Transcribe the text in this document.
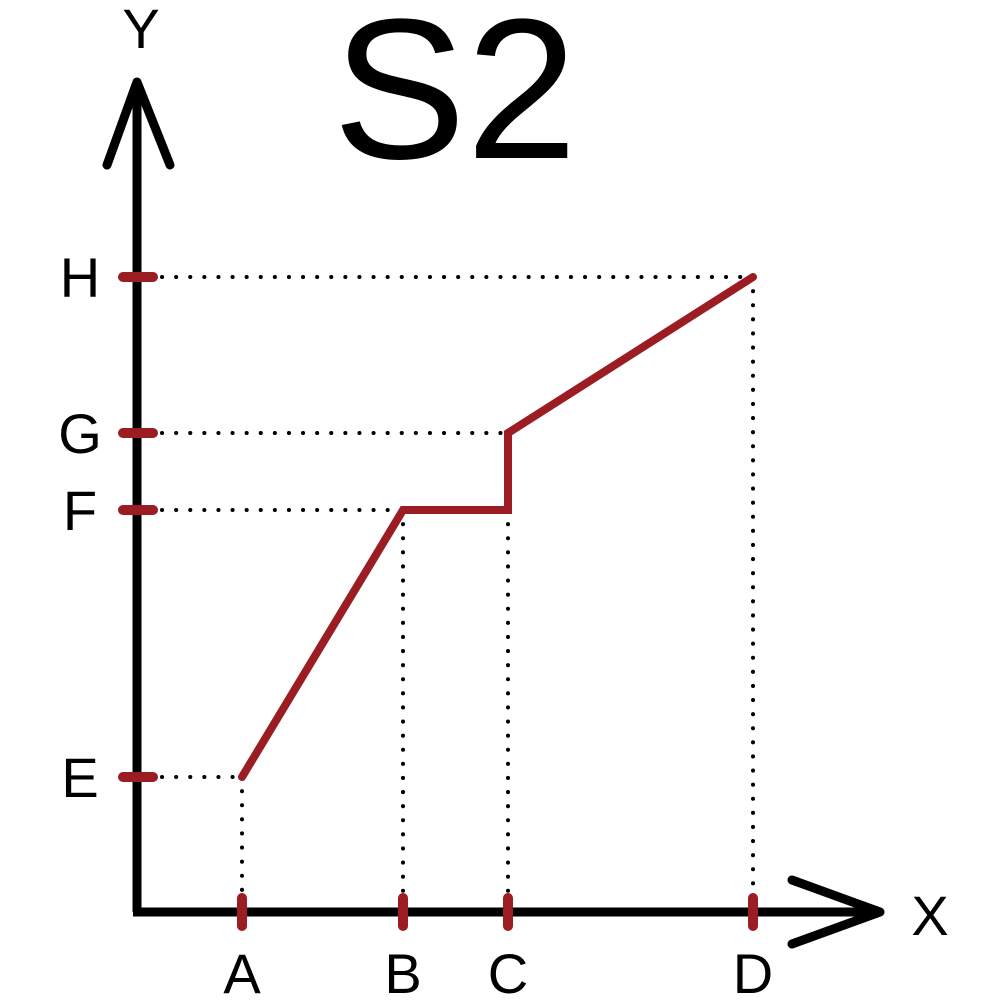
S2
Y
X
A B C	D
E
F
G
H
